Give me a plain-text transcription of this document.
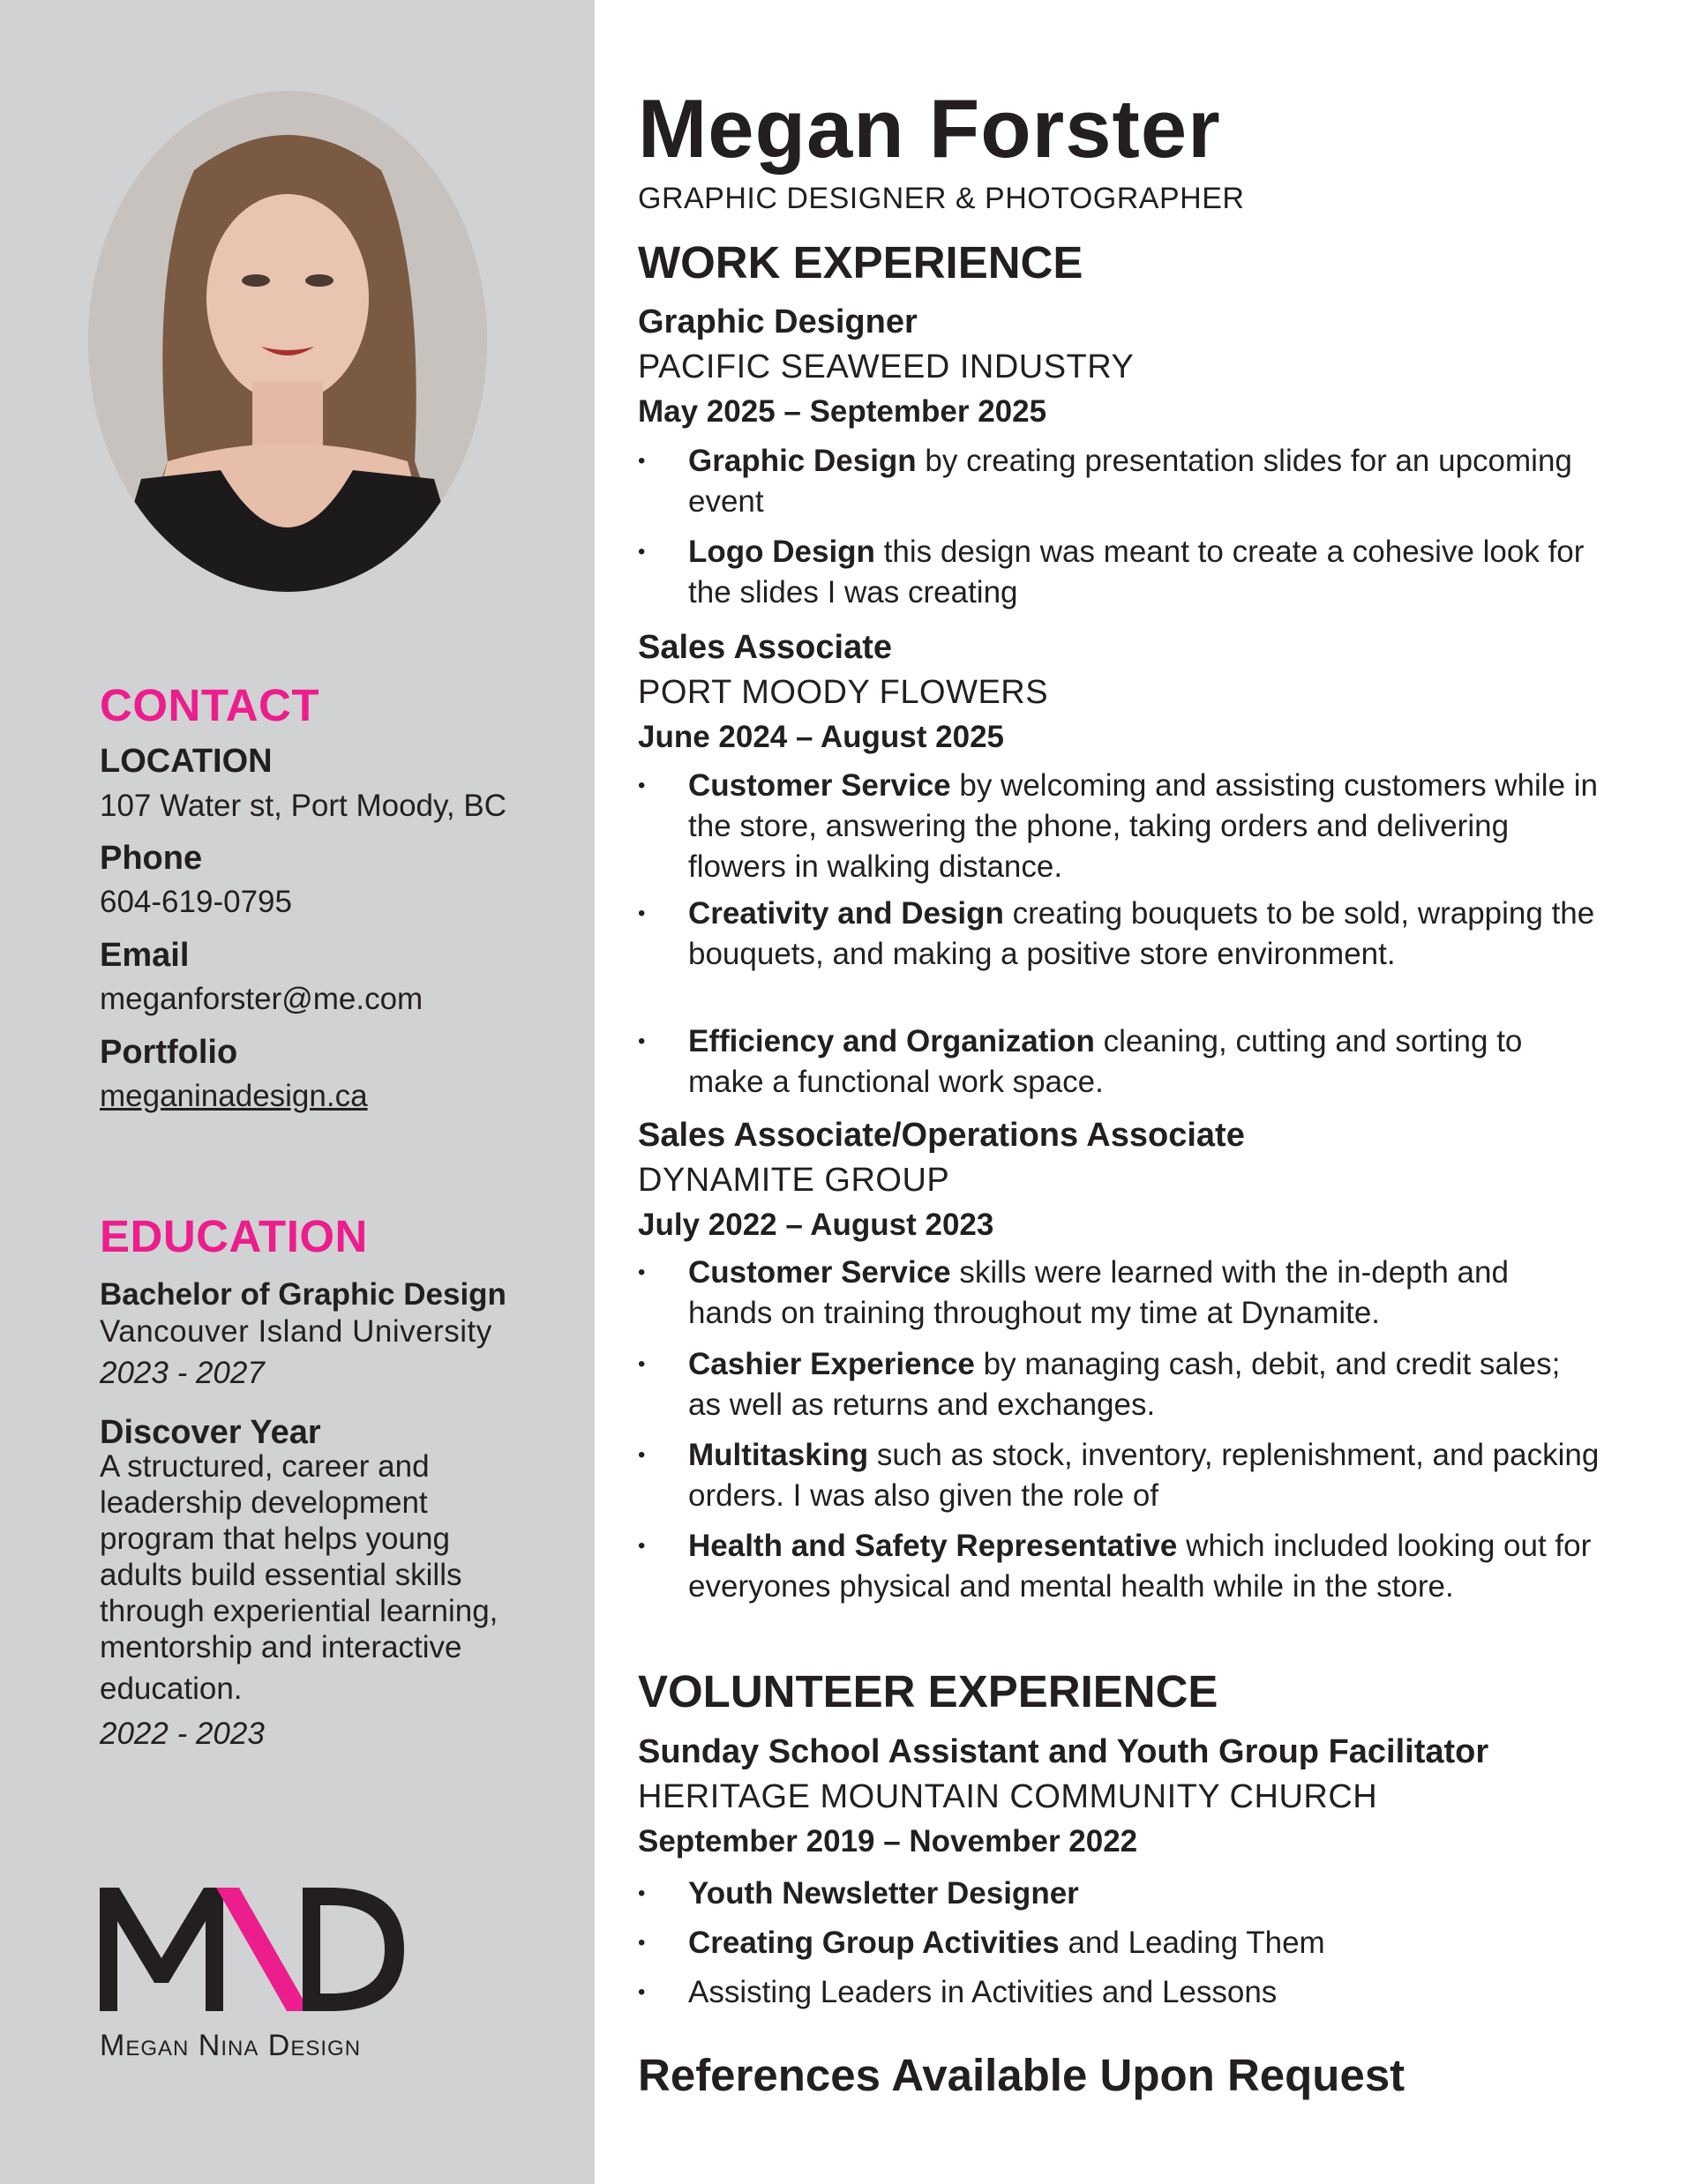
CONTACT
LOCATION
107 Water st, Port Moody, BC
Phone
604-619-0795
Email
meganforster@me.com
Portfolio
meganinadesign.ca
EDUCATION
Bachelor of Graphic Design
Vancouver Island University
2023 - 2027
Discover Year
A structured, career and
leadership development
program that helps young
adults build essential skills
through experiential learning,
mentorship and interactive
education.
2022 - 2023
Megan Nina Design
Megan Forster
GRAPHIC DESIGNER & PHOTOGRAPHER
WORK EXPERIENCE
Graphic Designer
PACIFIC SEAWEED INDUSTRY
May 2025 – September 2025
• Graphic Design by creating presentation slides for an upcoming event
• Logo Design this design was meant to create a cohesive look for the slides I was creating
Sales Associate
PORT MOODY FLOWERS
June 2024 – August 2025
• Customer Service by welcoming and assisting customers while in the store, answering the phone, taking orders and delivering flowers in walking distance.
• Creativity and Design creating bouquets to be sold, wrapping the bouquets, and making a positive store environment.
• Efficiency and Organization cleaning, cutting and sorting to make a functional work space.
Sales Associate/Operations Associate
DYNAMITE GROUP
July 2022 – August 2023
• Customer Service skills were learned with the in-depth and hands on training throughout my time at Dynamite.
• Cashier Experience by managing cash, debit, and credit sales; as well as returns and exchanges.
• Multitasking such as stock, inventory, replenishment, and packing orders. I was also given the role of
• Health and Safety Representative which included looking out for everyones physical and mental health while in the store.
VOLUNTEER EXPERIENCE
Sunday School Assistant and Youth Group Facilitator
HERITAGE MOUNTAIN COMMUNITY CHURCH
September 2019 – November 2022
• Youth Newsletter Designer
• Creating Group Activities and Leading Them
• Assisting Leaders in Activities and Lessons
References Available Upon Request
